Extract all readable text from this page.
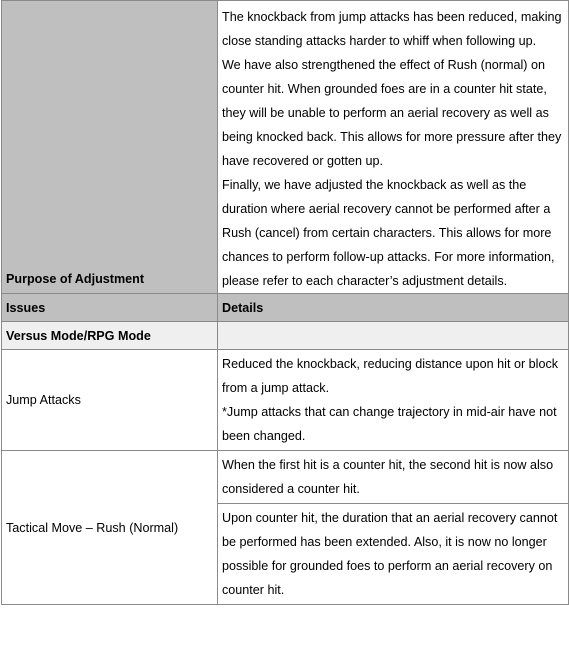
Purpose of Adjustment	The knockback from jump attacks has been reduced, making close standing attacks harder to whiff when following up.
We have also strengthened the effect of Rush (normal) on counter hit. When grounded foes are in a counter hit state, they will be unable to perform an aerial recovery as well as being knocked back. This allows for more pressure after they have recovered or gotten up.
Finally, we have adjusted the knockback as well as the duration where aerial recovery cannot be performed after a Rush (cancel) from certain characters. This allows for more chances to perform follow-up attacks. For more information, please refer to each character’s adjustment details.

Issues	Details
Versus Mode/RPG Mode	
Jump Attacks	Reduced the knockback, reducing distance upon hit or block from a jump attack.
*Jump attacks that can change trajectory in mid-air have not been changed.

Tactical Move – Rush (Normal)	When the first hit is a counter hit, the second hit is now also considered a counter hit.
	Upon counter hit, the duration that an aerial recovery cannot be performed has been extended. Also, it is now no longer possible for grounded foes to perform an aerial recovery on counter hit.
